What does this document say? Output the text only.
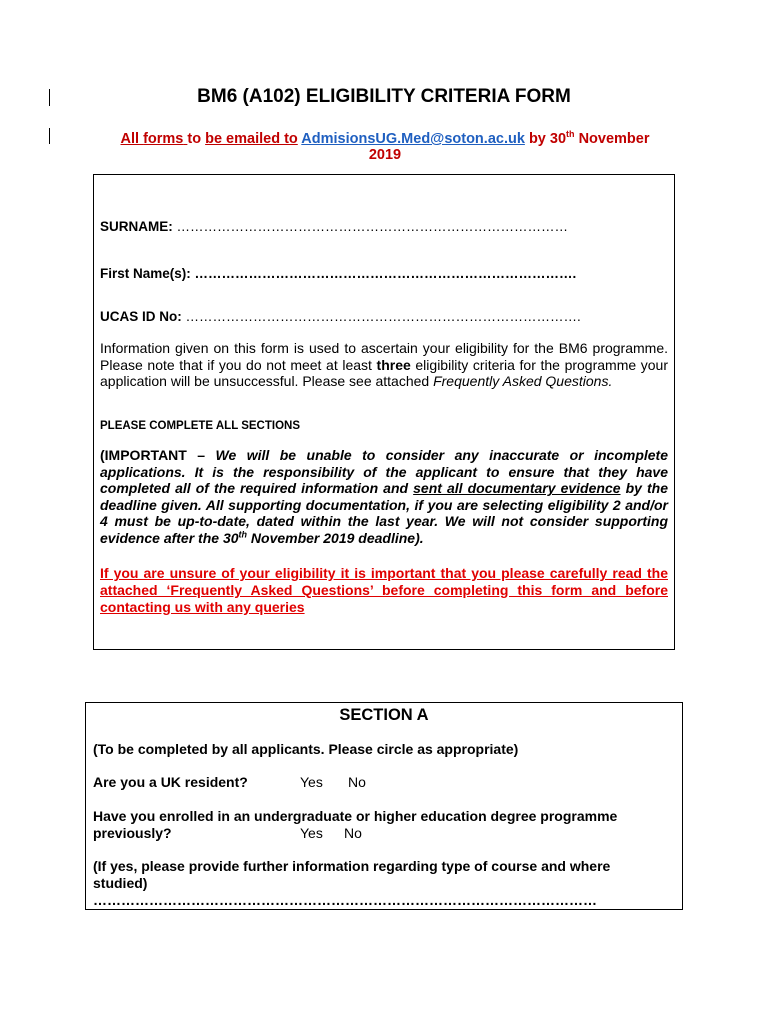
BM6 (A102) ELIGIBILITY CRITERIA FORM
All forms to be emailed to AdmisionsUG.Med@soton.ac.uk by 30th November
2019
SURNAME: ……………………………………………………………………………
First Name(s): ………………………………………………………………………….
UCAS ID No: …………………………………………………………………………….
Information given on this form is used to ascertain your eligibility for the BM6 programme. Please note that if you do not meet at least three eligibility criteria for the programme your application will be unsuccessful. Please see attached Frequently Asked Questions.
PLEASE COMPLETE ALL SECTIONS
(IMPORTANT – We will be unable to consider any inaccurate or incomplete applications. It is the responsibility of the applicant to ensure that they have completed all of the required information and sent all documentary evidence by the deadline given. All supporting documentation, if you are selecting eligibility 2 and/or 4 must be up-to-date, dated within the last year. We will not consider supporting evidence after the 30th November 2019 deadline).
If you are unsure of your eligibility it is important that you please carefully read the attached ‘Frequently Asked Questions’ before completing this form and before contacting us with any queries
SECTION A
(To be completed by all applicants. Please circle as appropriate)
Are you a UK resident?	Yes No
Have you enrolled in an undergraduate or higher education degree programme
previously?	Yes No
(If yes, please provide further information regarding type of course and where
studied)
………………………………………………………………………………………………
